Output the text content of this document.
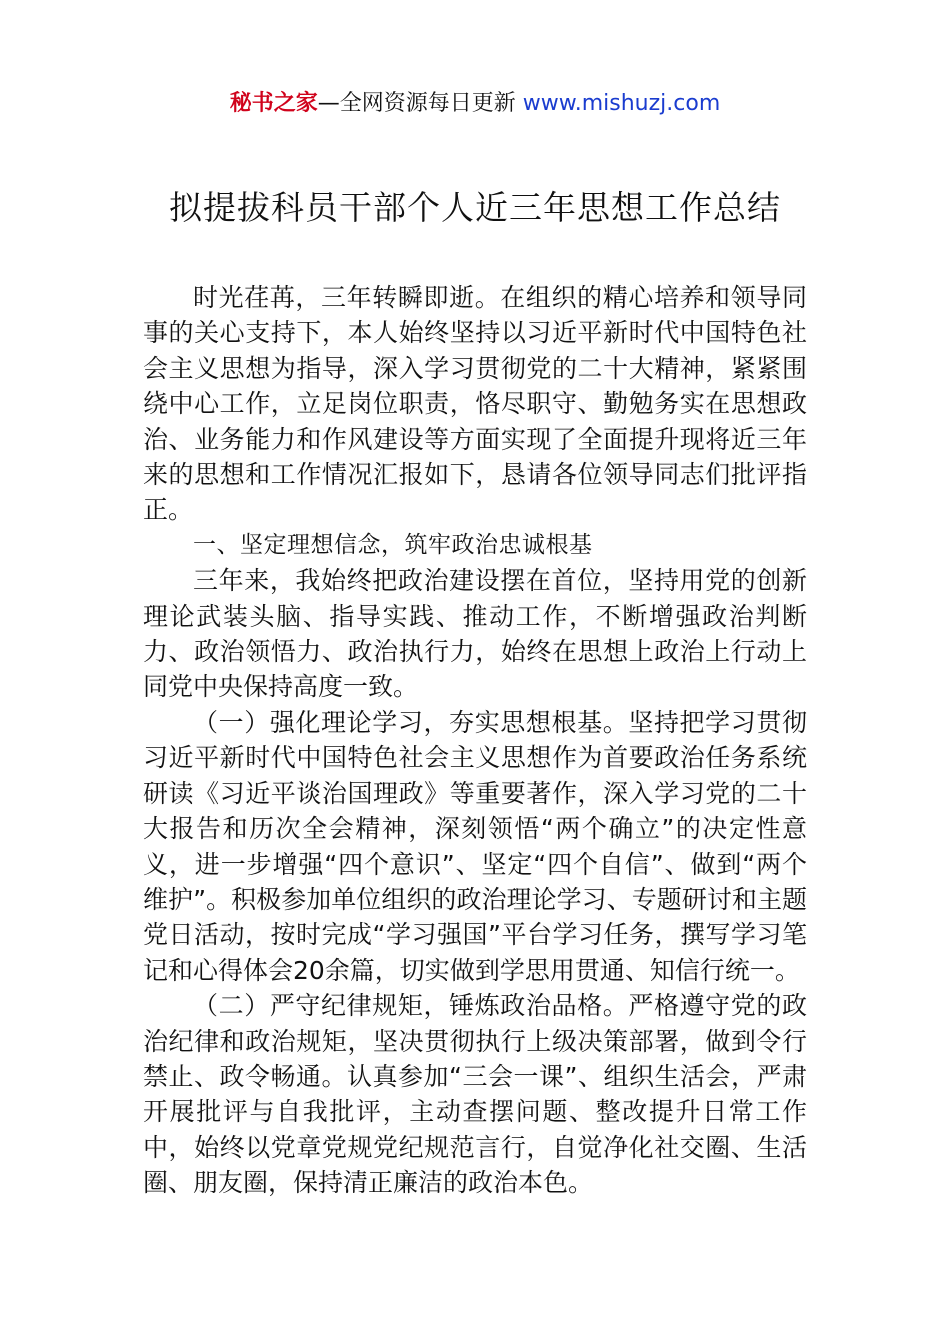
秘书之家—全网资源每日更新 www.mishuzj.com
拟提拔科员干部个人近三年思想工作总结

时光荏苒，三年转瞬即逝。在组织的精心培养和领导同事的关心支持下，本人始终坚持以习近平新时代中国特色社会主义思想为指导，深入学习贯彻党的二十大精神，紧紧围绕中心工作，立足岗位职责，恪尽职守、勤勉务实在思想政治、业务能力和作风建设等方面实现了全面提升现将近三年来的思想和工作情况汇报如下，恳请各位领导同志们批评指正。

一、坚定理想信念，筑牢政治忠诚根基

三年来，我始终把政治建设摆在首位，坚持用党的创新理论武装头脑、指导实践、推动工作，不断增强政治判断力、政治领悟力、政治执行力，始终在思想上政治上行动上同党中央保持高度一致。

（一）强化理论学习，夯实思想根基。坚持把学习贯彻习近平新时代中国特色社会主义思想作为首要政治任务系统研读《习近平谈治国理政》等重要著作，深入学习党的二十大报告和历次全会精神，深刻领悟“两个确立”的决定性意义，进一步增强“四个意识”、坚定“四个自信”、做到“两个维护”。积极参加单位组织的政治理论学习、专题研讨和主题党日活动，按时完成“学习强国”平台学习任务，撰写学习笔记和心得体会20余篇，切实做到学思用贯通、知信行统一。

（二）严守纪律规矩，锤炼政治品格。严格遵守党的政治纪律和政治规矩，坚决贯彻执行上级决策部署，做到令行禁止、政令畅通。认真参加“三会一课”、组织生活会，严肃开展批评与自我批评，主动查摆问题、整改提升日常工作中，始终以党章党规党纪规范言行，自觉净化社交圈、生活圈、朋友圈，保持清正廉洁的政治本色。
